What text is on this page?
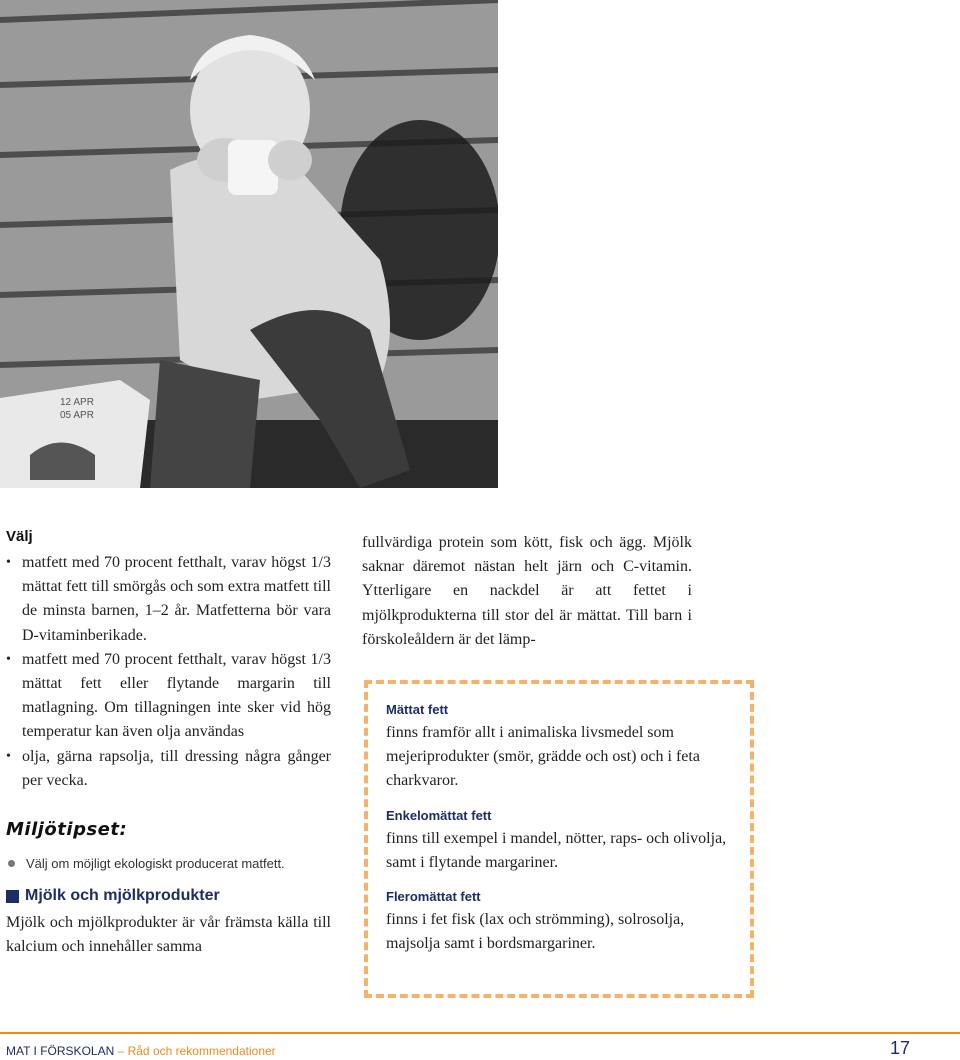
12 APR
05 APR
Välj
• matfett med 70 procent fetthalt, varav högst 1/3 mättat fett till smörgås och som extra matfett till de minsta barnen, 1–2 år. Matfetterna bör vara D-vitaminberikade.
• matfett med 70 procent fetthalt, varav högst 1/3 mättat fett eller flytande margarin till matlagning. Om tillagningen inte sker vid hög temperatur kan även olja användas
• olja, gärna rapsolja, till dressing några gånger per vecka.
Miljötipset:
Välj om möjligt ekologiskt producerat matfett.
Mjölk och mjölkprodukter

Mjölk och mjölkprodukter är vår främsta källa till kalcium och innehåller samma

fullvärdiga protein som kött, fisk och ägg. Mjölk saknar däremot nästan helt järn och C-vitamin. Ytterligare en nackdel är att fettet i mjölkprodukterna till stor del är mättat. Till barn i förskoleåldern är det lämp-

Mättat fett

finns framför allt i animaliska livsmedel som mejeriprodukter (smör, grädde och ost) och i feta charkvaror.

Enkelomättat fett

finns till exempel i mandel, nötter, raps- och olivolja, samt i flytande margariner.

Fleromättat fett

finns i fet fisk (lax och strömming), solrosolja, majsolja samt i bordsmargariner.

MAT I FÖRSKOLAN – Råd och rekommendationer	17
